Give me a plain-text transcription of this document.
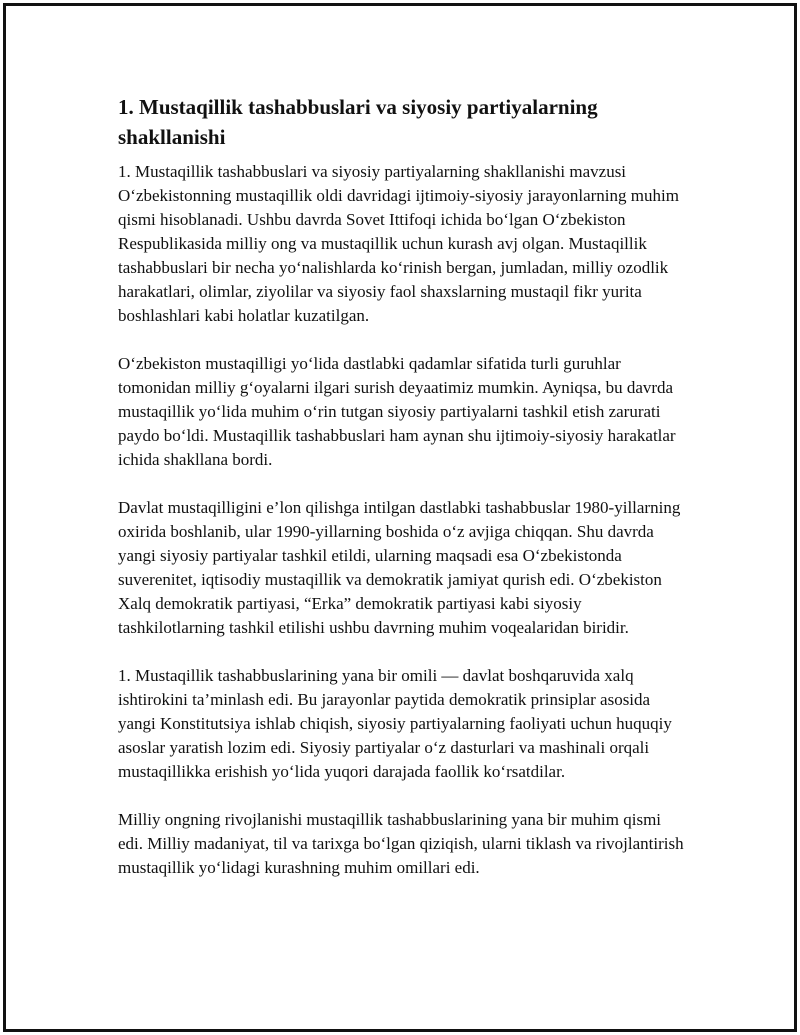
1. Mustaqillik tashabbuslari va siyosiy partiyalarning shakllanishi

1. Mustaqillik tashabbuslari va siyosiy partiyalarning shakllanishi mavzusi O‘zbekistonning mustaqillik oldi davridagi ijtimoiy-siyosiy jarayonlarning muhim qismi hisoblanadi. Ushbu davrda Sovet Ittifoqi ichida bo‘lgan O‘zbekiston Respublikasida milliy ong va mustaqillik uchun kurash avj olgan. Mustaqillik tashabbuslari bir necha yo‘nalishlarda ko‘rinish bergan, jumladan, milliy ozodlik harakatlari, olimlar, ziyolilar va siyosiy faol shaxslarning mustaqil fikr yurita boshlashlari kabi holatlar kuzatilgan.

O‘zbekiston mustaqilligi yo‘lida dastlabki qadamlar sifatida turli guruhlar tomonidan milliy g‘oyalarni ilgari surish deyaatimiz mumkin. Ayniqsa, bu davrda mustaqillik yo‘lida muhim o‘rin tutgan siyosiy partiyalarni tashkil etish zarurati paydo bo‘ldi. Mustaqillik tashabbuslari ham aynan shu ijtimoiy-siyosiy harakatlar ichida shakllana bordi.

Davlat mustaqilligini e’lon qilishga intilgan dastlabki tashabbuslar 1980-yillarning oxirida boshlanib, ular 1990-yillarning boshida o‘z avjiga chiqqan. Shu davrda yangi siyosiy partiyalar tashkil etildi, ularning maqsadi esa O‘zbekistonda suverenitet, iqtisodiy mustaqillik va demokratik jamiyat qurish edi. O‘zbekiston Xalq demokratik partiyasi, “Erka” demokratik partiyasi kabi siyosiy tashkilotlarning tashkil etilishi ushbu davrning muhim voqealaridan biridir.

1. Mustaqillik tashabbuslarining yana bir omili — davlat boshqaruvida xalq ishtirokini ta’minlash edi. Bu jarayonlar paytida demokratik prinsiplar asosida yangi Konstitutsiya ishlab chiqish, siyosiy partiyalarning faoliyati uchun huquqiy asoslar yaratish lozim edi. Siyosiy partiyalar o‘z dasturlari va mashinali orqali mustaqillikka erishish yo‘lida yuqori darajada faollik ko‘rsatdilar.

Milliy ongning rivojlanishi mustaqillik tashabbuslarining yana bir muhim qismi edi. Milliy madaniyat, til va tarixga bo‘lgan qiziqish, ularni tiklash va rivojlantirish mustaqillik yo‘lidagi kurashning muhim omillari edi.
